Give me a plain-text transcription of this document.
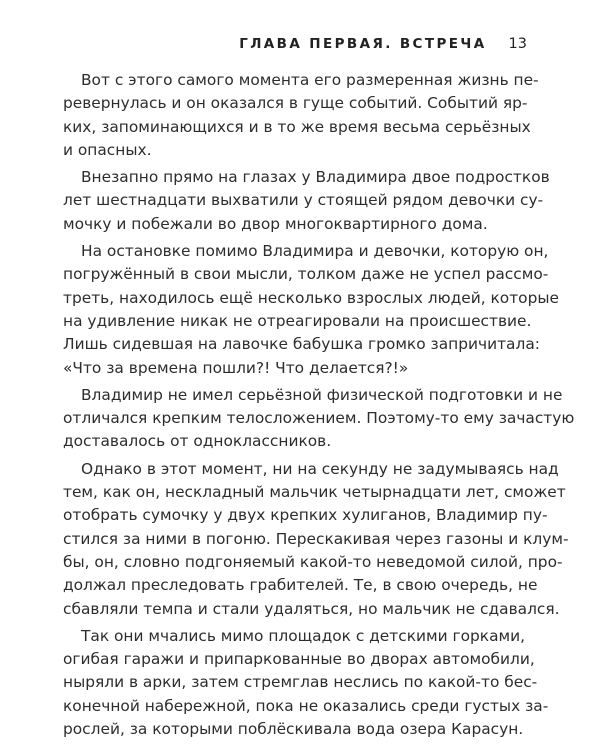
ГЛАВА ПЕРВАЯ. ВСТРЕЧА 13

Вот с этого самого момента его размеренная жизнь пе-
ревернулась и он оказался в гуще событий. Событий яр-
ких, запоминающихся и в то же время весьма серьёзных
и опасных.

Внезапно прямо на глазах у Владимира двое подростков
лет шестнадцати выхватили у стоящей рядом девочки су-
мочку и побежали во двор многоквартирного дома.

На остановке помимо Владимира и девочки, которую он,
погружённый в свои мысли, толком даже не успел рассмо-
треть, находилось ещё несколько взрослых людей, которые
на удивление никак не отреагировали на происшествие.
Лишь сидевшая на лавочке бабушка громко запричитала:
«Что за времена пошли?! Что делается?!»

Владимир не имел серьёзной физической подготовки и не
отличался крепким телосложением. Поэтому-то ему зачастую
доставалось от одноклассников.

Однако в этот момент, ни на секунду не задумываясь над
тем, как он, нескладный мальчик четырнадцати лет, сможет
отобрать сумочку у двух крепких хулиганов, Владимир пу-
стился за ними в погоню. Перескакивая через газоны и клум-
бы, он, словно подгоняемый какой-то неведомой силой, про-
должал преследовать грабителей. Те, в свою очередь, не
сбавляли темпа и стали удаляться, но мальчик не сдавался.

Так они мчались мимо площадок с детскими горками,
огибая гаражи и припаркованные во дворах автомобили,
ныряли в арки, затем стремглав неслись по какой-то бес-
конечной набережной, пока не оказались среди густых за-
рослей, за которыми поблёскивала вода озера Карасун.
